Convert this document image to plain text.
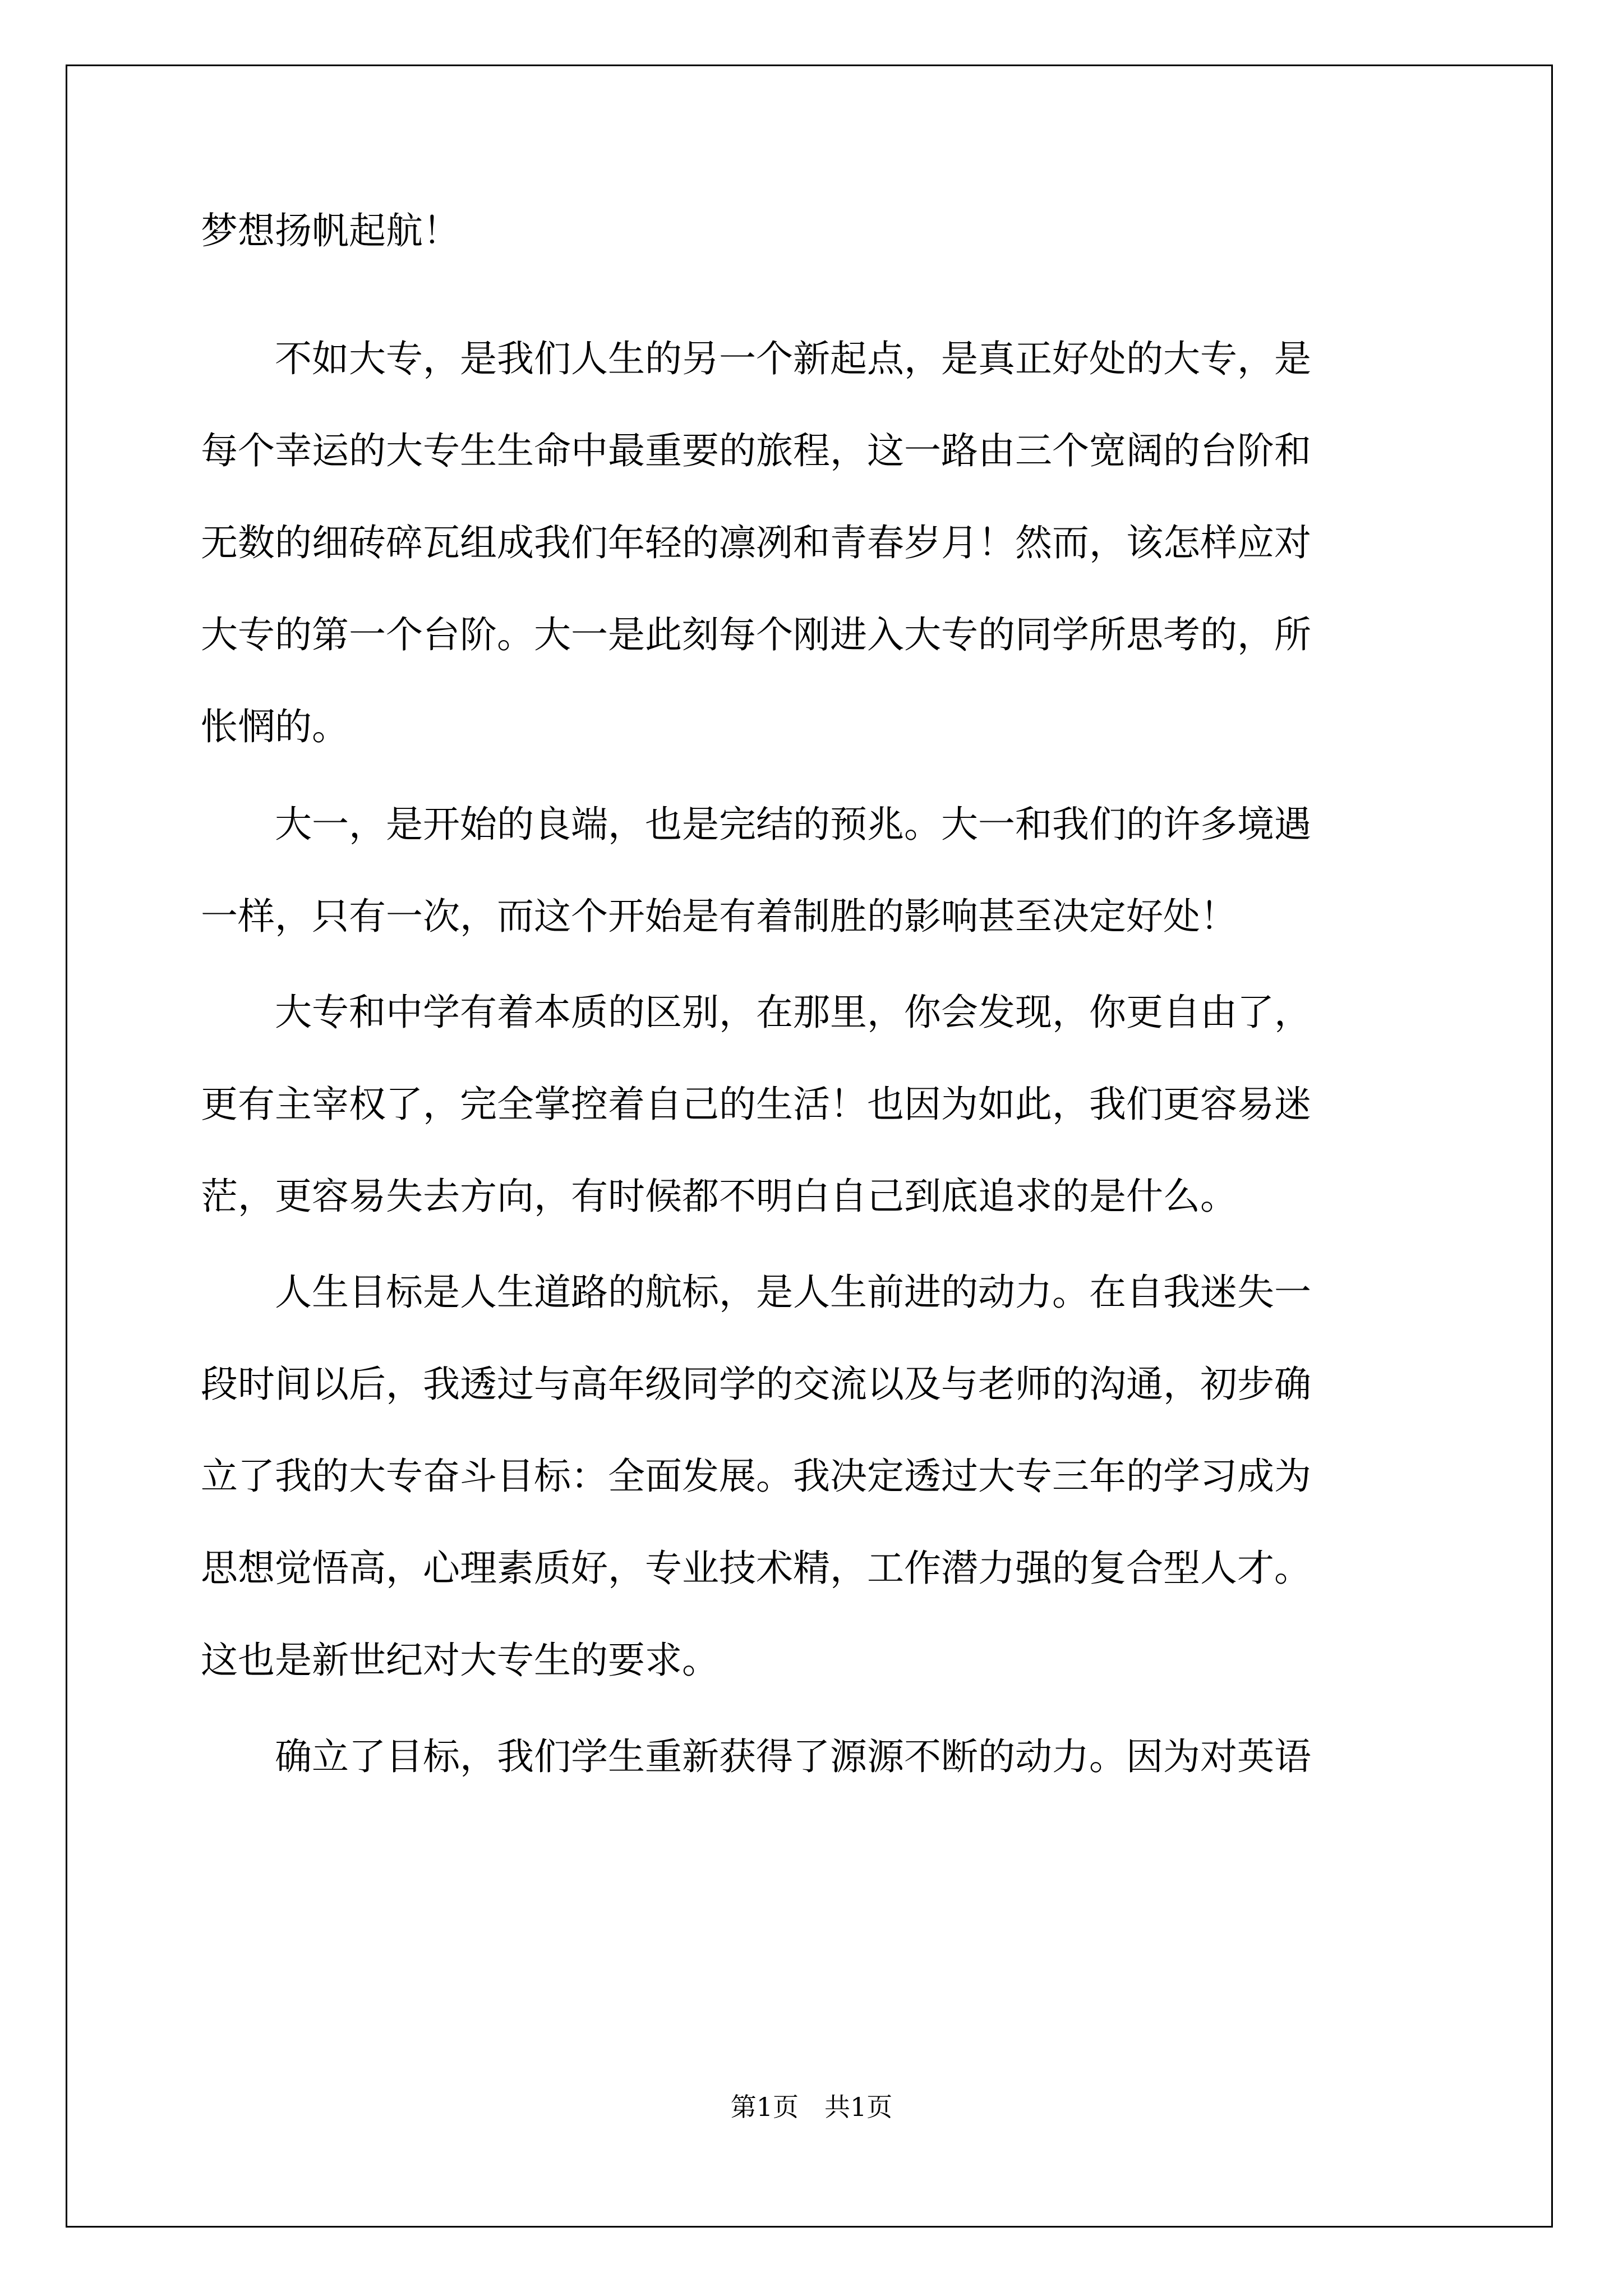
梦想扬帆起航！
　　不如大专，是我们人生的另一个新起点，是真正好处的大专，是
每个幸运的大专生生命中最重要的旅程，这一路由三个宽阔的台阶和
无数的细砖碎瓦组成我们年轻的凛冽和青春岁月！然而，该怎样应对
大专的第一个台阶。大一是此刻每个刚进入大专的同学所思考的，所
怅惘的。
　　大一，是开始的良端，也是完结的预兆。大一和我们的许多境遇
一样，只有一次，而这个开始是有着制胜的影响甚至决定好处！
　　大专和中学有着本质的区别，在那里，你会发现，你更自由了，
更有主宰权了，完全掌控着自己的生活！也因为如此，我们更容易迷
茫，更容易失去方向，有时候都不明白自己到底追求的是什么。
　　人生目标是人生道路的航标，是人生前进的动力。在自我迷失一
段时间以后，我透过与高年级同学的交流以及与老师的沟通，初步确
立了我的大专奋斗目标：全面发展。我决定透过大专三年的学习成为
思想觉悟高，心理素质好，专业技术精，工作潜力强的复合型人才。
这也是新世纪对大专生的要求。
　　确立了目标，我们学生重新获得了源源不断的动力。因为对英语
第1页　共1页
